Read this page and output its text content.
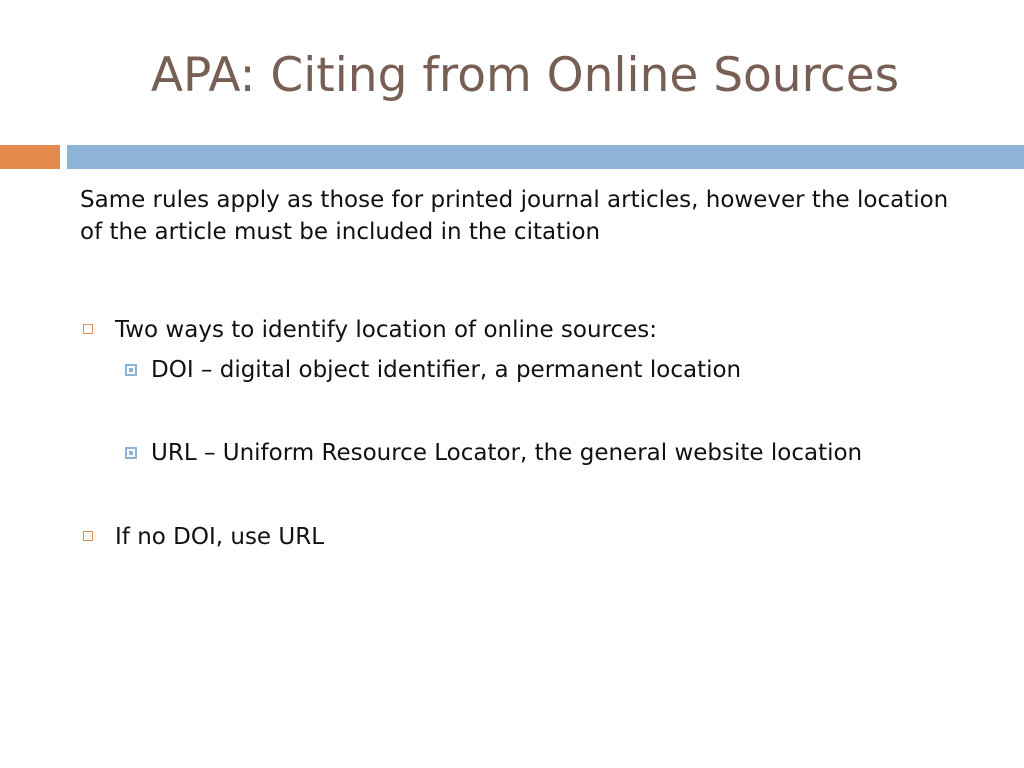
APA: Citing from Online Sources

Same rules apply as those for printed journal articles, however the location of the article must be included in the citation

Two ways to identify location of online sources:
DOI – digital object identifier, a permanent location
URL – Uniform Resource Locator, the general website location
If no DOI, use URL
